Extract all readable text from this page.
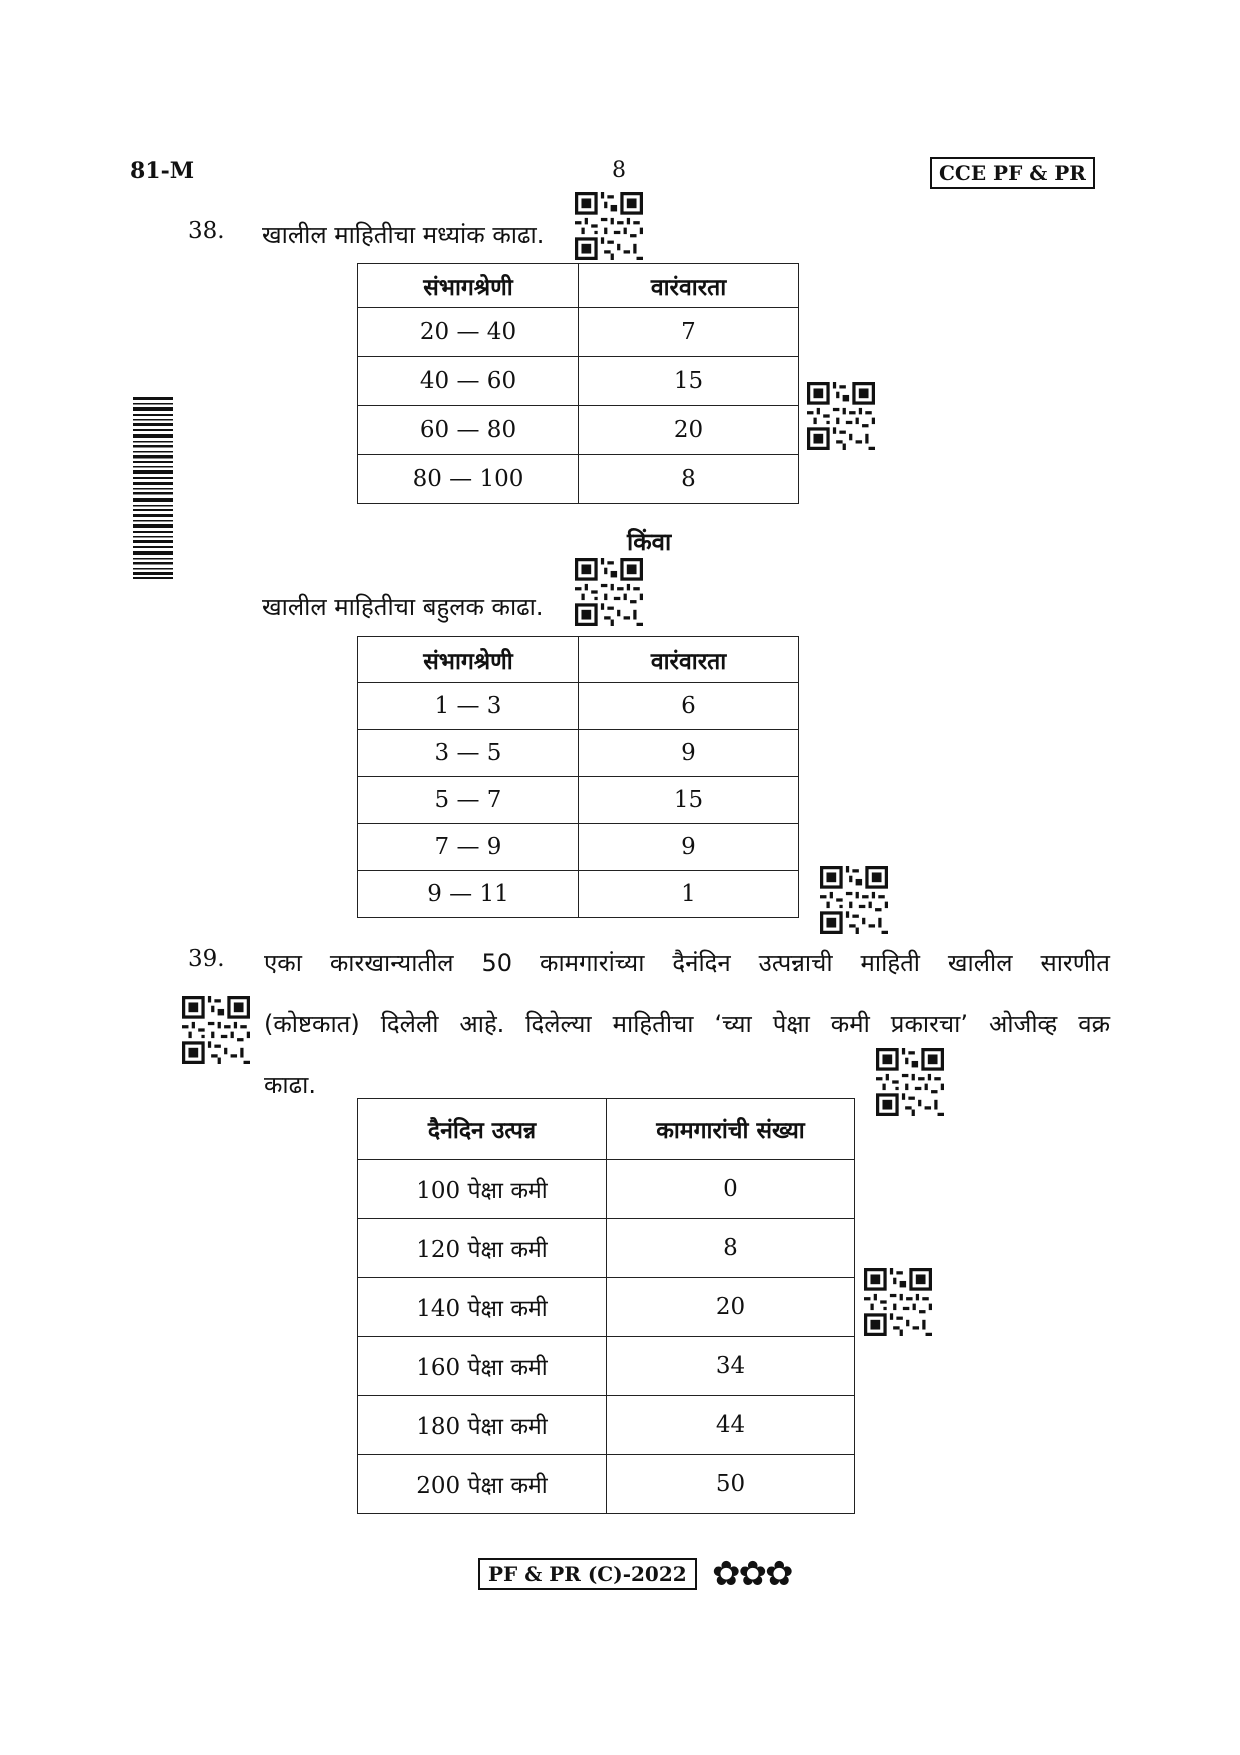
81-M	8	CCE PF & PR
38. खालील माहितीचा मध्यांक काढा.
संभागश्रेणी	वारंवारता
20 — 40	7
40 — 60	15
60 — 80	20
80 — 100	8
किंवा
खालील माहितीचा बहुलक काढा.
संभागश्रेणी	वारंवारता
1 — 3	6
3 — 5	9
5 — 7	15
7 — 9	9
9 — 11	1
39. एका कारखान्यातील 50 कामगारांच्या दैनंदिन उत्पन्नाची माहिती खालील सारणीत
(कोष्टकात) दिलेली आहे. दिलेल्या माहितीचा ‘च्या पेक्षा कमी प्रकारचा’ ओजीव्ह वक्र
काढा.
दैनंदिन उत्पन्न	कामगारांची संख्या
100 पेक्षा कमी	0
120 पेक्षा कमी	8
140 पेक्षा कमी	20
160 पेक्षा कमी	34
180 पेक्षा कमी	44
200 पेक्षा कमी	50
PF & PR (C)-2022 ✿✿✿
